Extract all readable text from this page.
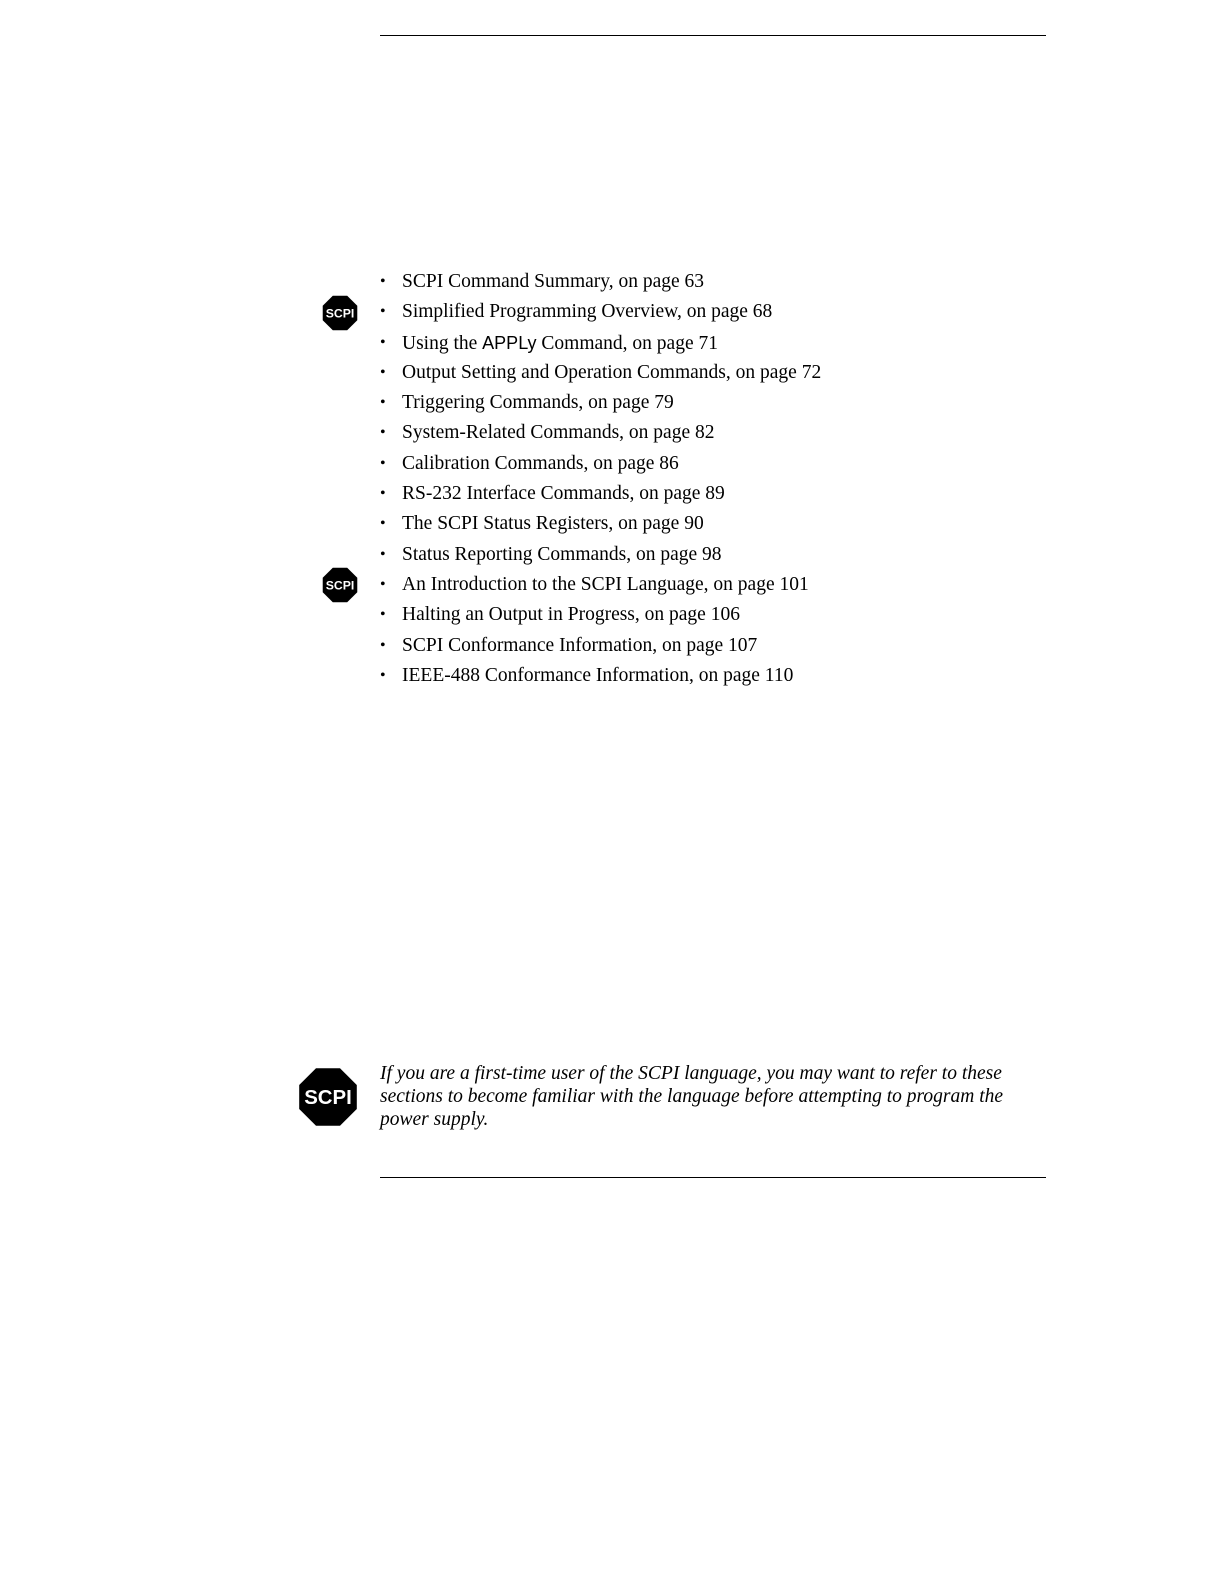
SCPI
SCPI
• SCPI Command Summary, on page 63
• Simplified Programming Overview, on page 68
• Using the APPLy Command, on page 71
• Output Setting and Operation Commands, on page 72
• Triggering Commands, on page 79
• System-Related Commands, on page 82
• Calibration Commands, on page 86
• RS-232 Interface Commands, on page 89
• The SCPI Status Registers, on page 90
• Status Reporting Commands, on page 98
• An Introduction to the SCPI Language, on page 101
• Halting an Output in Progress, on page 106
• SCPI Conformance Information, on page 107
• IEEE-488 Conformance Information, on page 110
SCPI

If you are a first-time user of the SCPI language, you may want to refer to these sections to become familiar with the language before attempting to program the power supply.
